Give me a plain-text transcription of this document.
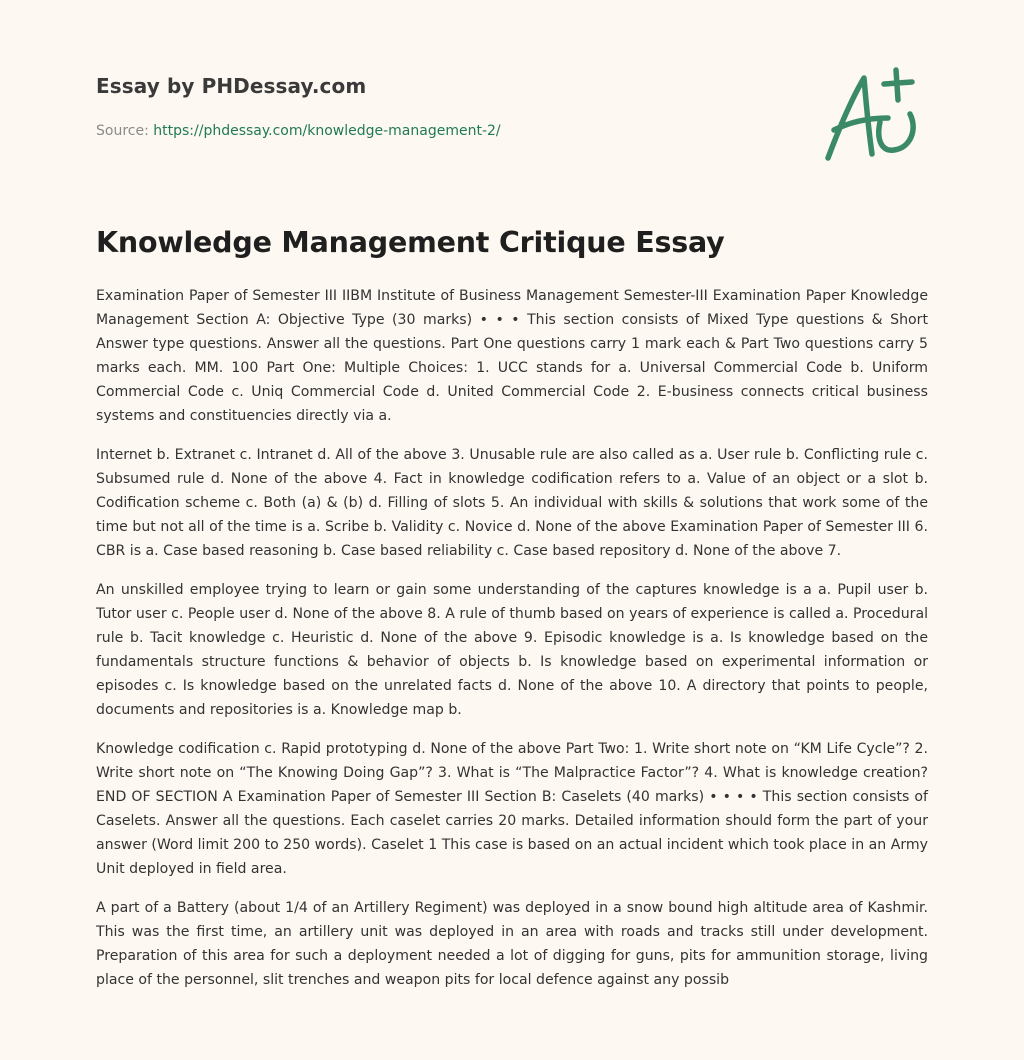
Essay by PHDessay.com

Source: https://phdessay.com/knowledge-management-2/
Knowledge Management Critique Essay

Examination Paper of Semester III IIBM Institute of Business Management Semester-III Examination Paper Knowledge Management Section A: Objective Type (30 marks) • • • This section consists of Mixed Type questions & Short Answer type questions. Answer all the questions. Part One questions carry 1 mark each & Part Two questions carry 5 marks each. MM. 100 Part One: Multiple Choices: 1. UCC stands for a. Universal Commercial Code b. Uniform Commercial Code c. Uniq Commercial Code d. United Commercial Code 2. E-business connects critical business systems and constituencies directly via a.

Internet b. Extranet c. Intranet d. All of the above 3. Unusable rule are also called as a. User rule b. Conflicting rule c. Subsumed rule d. None of the above 4. Fact in knowledge codification refers to a. Value of an object or a slot b. Codification scheme c. Both (a) & (b) d. Filling of slots 5. An individual with skills & solutions that work some of the time but not all of the time is a. Scribe b. Validity c. Novice d. None of the above Examination Paper of Semester III 6. CBR is a. Case based reasoning b. Case based reliability c. Case based repository d. None of the above 7.

An unskilled employee trying to learn or gain some understanding of the captures knowledge is a a. Pupil user b. Tutor user c. People user d. None of the above 8. A rule of thumb based on years of experience is called a. Procedural rule b. Tacit knowledge c. Heuristic d. None of the above 9. Episodic knowledge is a. Is knowledge based on the fundamentals structure functions & behavior of objects b. Is knowledge based on experimental information or episodes c. Is knowledge based on the unrelated facts d. None of the above 10. A directory that points to people, documents and repositories is a. Knowledge map b.

Knowledge codification c. Rapid prototyping d. None of the above Part Two: 1. Write short note on “KM Life Cycle”? 2. Write short note on “The Knowing Doing Gap”? 3. What is “The Malpractice Factor”? 4. What is knowledge creation? END OF SECTION A Examination Paper of Semester III Section B: Caselets (40 marks) • • • • This section consists of Caselets. Answer all the questions. Each caselet carries 20 marks. Detailed information should form the part of your answer (Word limit 200 to 250 words). Caselet 1 This case is based on an actual incident which took place in an Army Unit deployed in field area.

A part of a Battery (about 1/4 of an Artillery Regiment) was deployed in a snow bound high altitude area of Kashmir. This was the first time, an artillery unit was deployed in an area with roads and tracks still under development. Preparation of this area for such a deployment needed a lot of digging for guns, pits for ammunition storage, living place of the personnel, slit trenches and weapon pits for local defence against any possib
